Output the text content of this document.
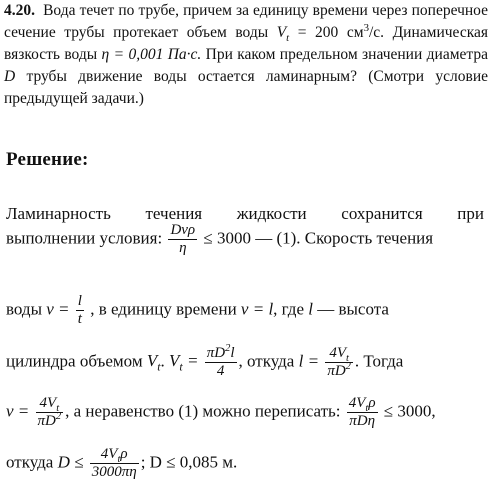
4.20. Вода течет по трубе, причем за единицу времени через поперечное сечение трубы протекает объем воды $V_t = 200$ $см^3/с$. Динамическая вязкость воды η = 0,001 Па·с. При каком предельном значении диаметра D трубы движение воды остается ламинарным? (Смотри условие предыдущей задачи.)
Решение:
Ламинарность течения жидкости сохранится при
выполнении условия: $\frac{\text{Dvρ}}{\eta} \le 3000$ — (1). Скорость течения
воды $v = \frac{l}{t}$ , в единицу времени v = l, где l — высота
цилиндра объемом $V_t$. $V_t = \frac{\pi D^2l}{4}$ , откуда $l = \frac{4V_t}{\pi D^2}$ . Тогда
$v = \frac{4V_t}{\pi D^2}$ , а неравенство (1) можно переписать: $\frac{4V_t\rho}{\text{πDη}} \le 3000$,
откуда $D \le \frac{4V_t\rho}{3000\pi\eta}$ ; D ≤ 0,085 м.
